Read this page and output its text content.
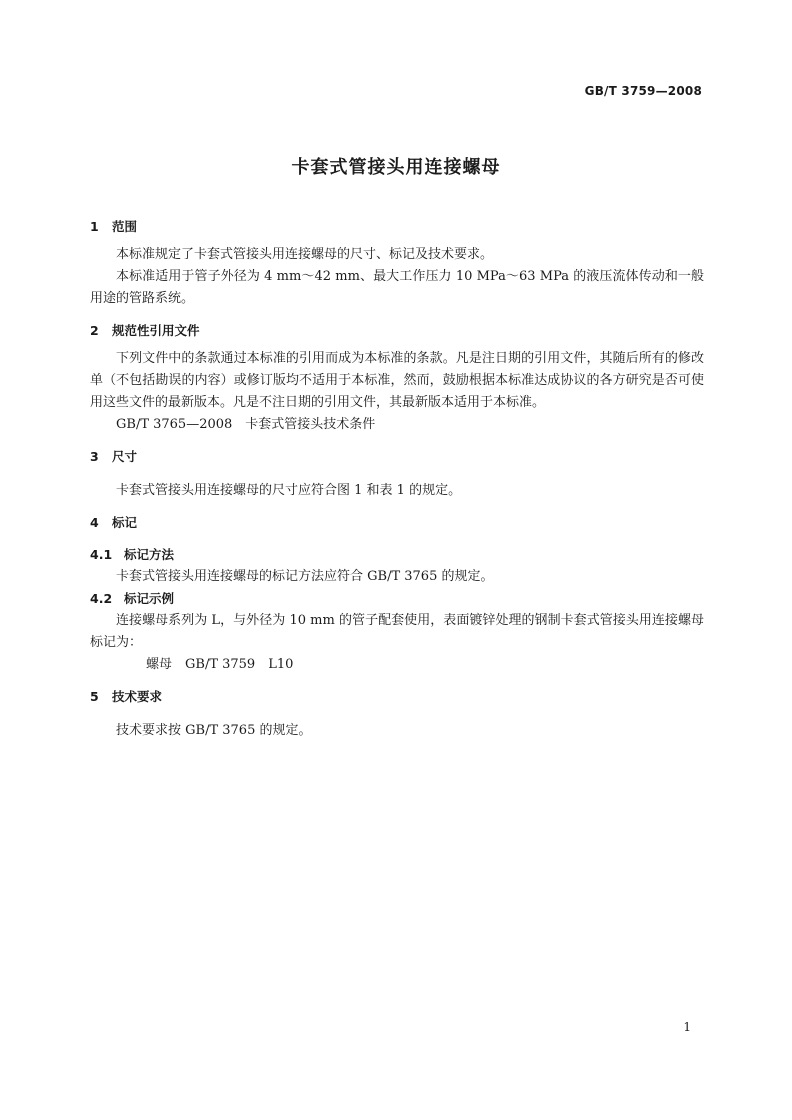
GB/T 3759—2008
卡套式管接头用连接螺母
1 范围

本标准规定了卡套式管接头用连接螺母的尺寸、标记及技术要求。

本标准适用于管子外径为 4 mm～42 mm、最大工作压力 10 MPa～63 MPa 的液压流体传动和一般用途的管路系统。

2 规范性引用文件

下列文件中的条款通过本标准的引用而成为本标准的条款。凡是注日期的引用文件，其随后所有的修改单（不包括勘误的内容）或修订版均不适用于本标准，然而，鼓励根据本标准达成协议的各方研究是否可使用这些文件的最新版本。凡是不注日期的引用文件，其最新版本适用于本标准。

GB/T 3765—2008　卡套式管接头技术条件
3 尺寸

卡套式管接头用连接螺母的尺寸应符合图 1 和表 1 的规定。

4 标记
4.1 标记方法

卡套式管接头用连接螺母的标记方法应符合 GB/T 3765 的规定。

4.2 标记示例

连接螺母系列为 L，与外径为 10 mm 的管子配套使用，表面镀锌处理的钢制卡套式管接头用连接螺母标记为：

螺母　GB/T 3759　L10
5 技术要求

技术要求按 GB/T 3765 的规定。

1
